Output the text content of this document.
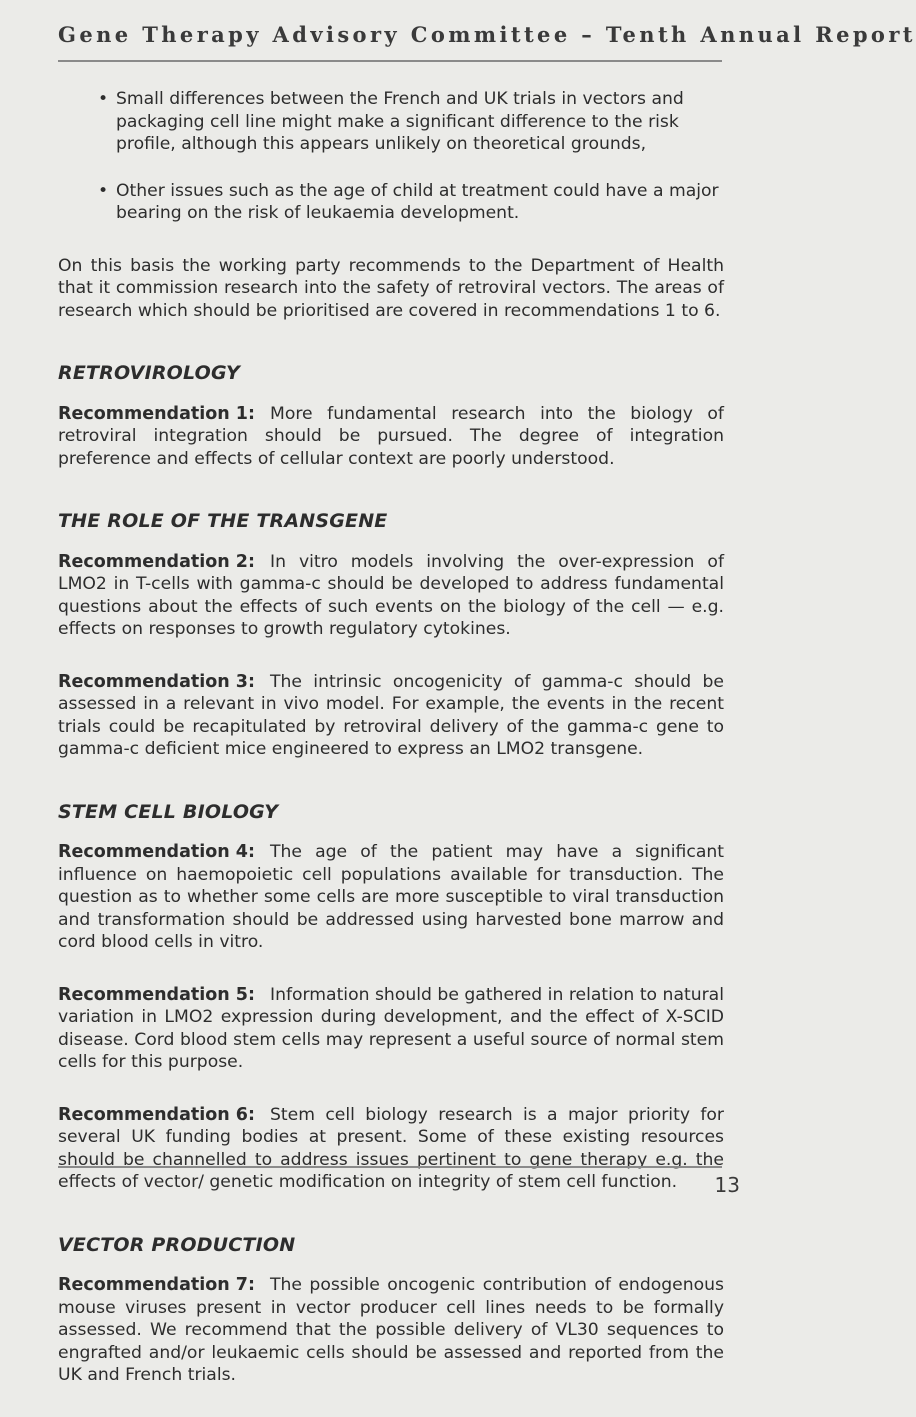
Gene Therapy Advisory Committee – Tenth Annual Report
• Small differences between the French and UK trials in vectors and packaging cell line might make a significant difference to the risk profile, although this appears unlikely on theoretical grounds,

• Other issues such as the age of child at treatment could have a major bearing on the risk of leukaemia development.

On this basis the working party recommends to the Department of Health that it commission research into the safety of retroviral vectors. The areas of research which should be prioritised are covered in recommendations 1 to 6.

RETROVIROLOGY

Recommendation 1: More fundamental research into the biology of retroviral integration should be pursued. The degree of integration preference and effects of cellular context are poorly understood.

THE ROLE OF THE TRANSGENE

Recommendation 2: In vitro models involving the over-expression of LMO2 in T-cells with gamma-c should be developed to address fundamental questions about the effects of such events on the biology of the cell — e.g. effects on responses to growth regulatory cytokines.

Recommendation 3: The intrinsic oncogenicity of gamma-c should be assessed in a relevant in vivo model. For example, the events in the recent trials could be recapitulated by retroviral delivery of the gamma-c gene to gamma-c deficient mice engineered to express an LMO2 transgene.

STEM CELL BIOLOGY

Recommendation 4: The age of the patient may have a significant influence on haemopoietic cell populations available for transduction. The question as to whether some cells are more susceptible to viral transduction and transformation should be addressed using harvested bone marrow and cord blood cells in vitro.

Recommendation 5: Information should be gathered in relation to natural variation in LMO2 expression during development, and the effect of X-SCID disease. Cord blood stem cells may represent a useful source of normal stem cells for this purpose.

Recommendation 6: Stem cell biology research is a major priority for several UK funding bodies at present. Some of these existing resources should be channelled to address issues pertinent to gene therapy e.g. the effects of vector/ genetic modification on integrity of stem cell function.

VECTOR PRODUCTION

Recommendation 7: The possible oncogenic contribution of endogenous mouse viruses present in vector producer cell lines needs to be formally assessed. We recommend that the possible delivery of VL30 sequences to engrafted and/or leukaemic cells should be assessed and reported from the UK and French trials.

13
